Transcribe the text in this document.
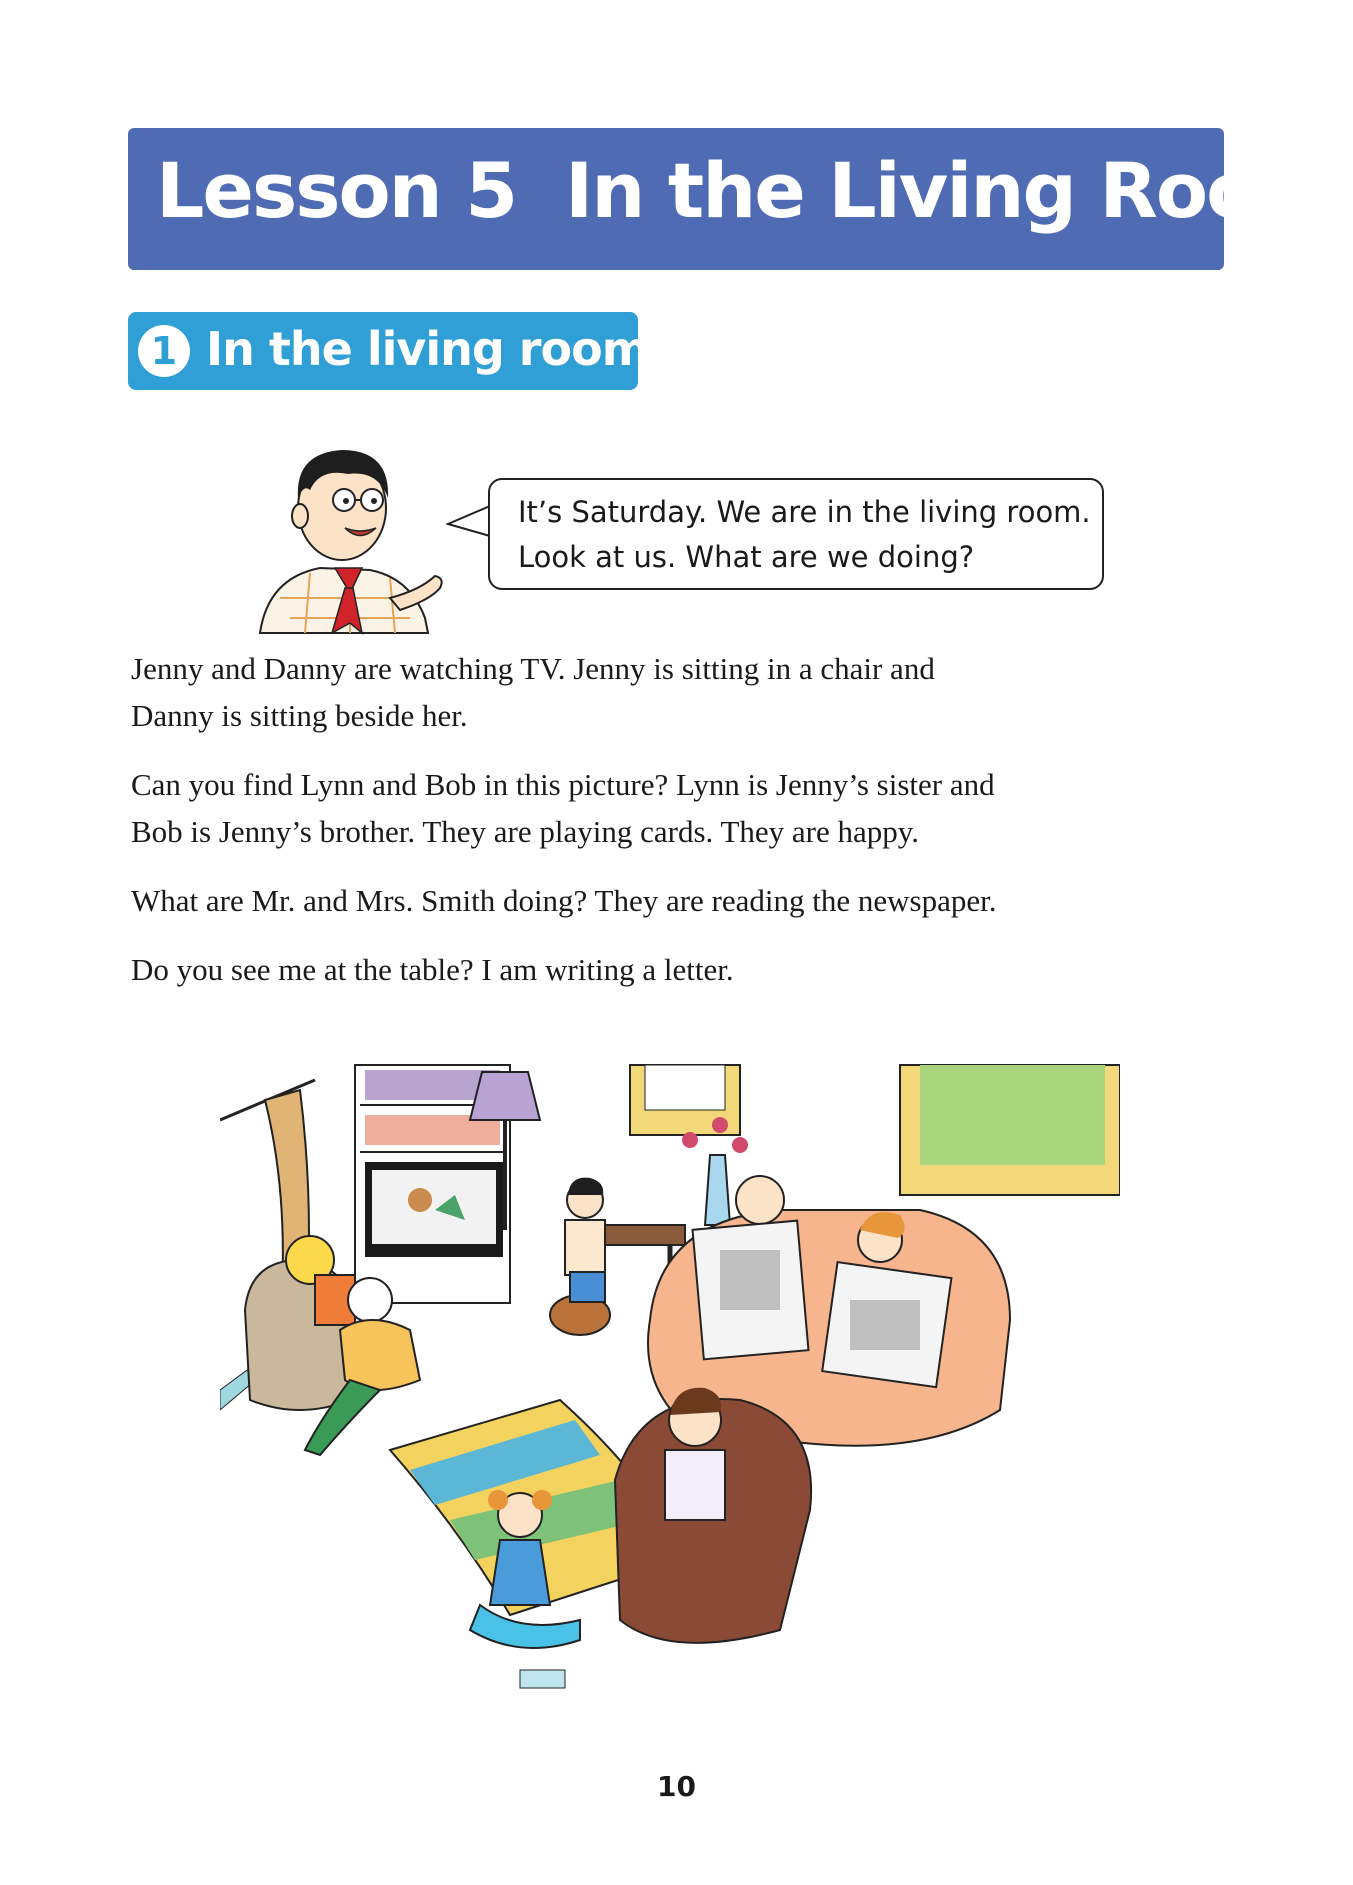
Lesson 5  In the Living Room
1 In the living room
It’s Saturday. We are in the living room.
Look at us. What are we doing?

Jenny and Danny are watching TV. Jenny is sitting in a chair and
Danny is sitting beside her.

Can you find Lynn and Bob in this picture? Lynn is Jenny’s sister and
Bob is Jenny’s brother. They are playing cards. They are happy.

What are Mr. and Mrs. Smith doing? They are reading the newspaper.

Do you see me at the table? I am writing a letter.

10
